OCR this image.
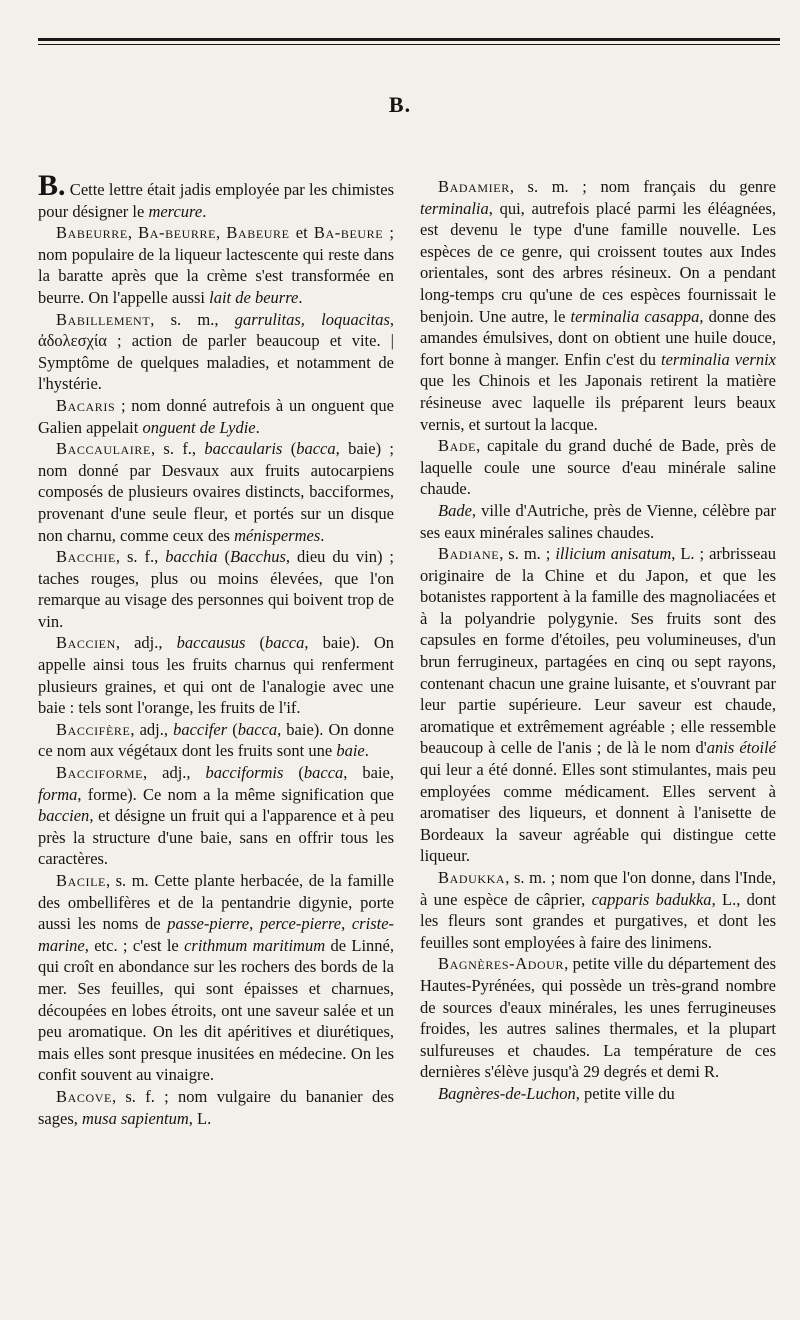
B.

B. Cette lettre était jadis employée par les chimistes pour désigner le mercure.

Babeurre, Ba-beurre, Babeure et Ba-beure ; nom populaire de la liqueur lactescente qui reste dans la baratte après que la crème s'est transformée en beurre. On l'appelle aussi lait de beurre.

Babillement, s. m., garrulitas, loquacitas, ἀδολεσχία ; action de parler beaucoup et vite. | Symptôme de quelques maladies, et notamment de l'hystérie.

Bacaris ; nom donné autrefois à un onguent que Galien appelait onguent de Lydie.

Baccaulaire, s. f., baccaularis (bacca, baie) ; nom donné par Desvaux aux fruits autocarpiens composés de plusieurs ovaires distincts, bacciformes, provenant d'une seule fleur, et portés sur un disque non charnu, comme ceux des ménispermes.

Bacchie, s. f., bacchia (Bacchus, dieu du vin) ; taches rouges, plus ou moins élevées, que l'on remarque au visage des personnes qui boivent trop de vin.

Baccien, adj., baccausus (bacca, baie). On appelle ainsi tous les fruits charnus qui renferment plusieurs graines, et qui ont de l'analogie avec une baie : tels sont l'orange, les fruits de l'if.

Baccifère, adj., baccifer (bacca, baie). On donne ce nom aux végétaux dont les fruits sont une baie.

Bacciforme, adj., bacciformis (bacca, baie, forma, forme). Ce nom a la même signification que baccien, et désigne un fruit qui a l'apparence et à peu près la structure d'une baie, sans en offrir tous les caractères.

Bacile, s. m. Cette plante herbacée, de la famille des ombellifères et de la pentandrie digynie, porte aussi les noms de passe-pierre, perce-pierre, criste-marine, etc. ; c'est le crithmum maritimum de Linné, qui croît en abondance sur les rochers des bords de la mer. Ses feuilles, qui sont épaisses et charnues, découpées en lobes étroits, ont une saveur salée et un peu aromatique. On les dit apéritives et diurétiques, mais elles sont presque inusitées en médecine. On les confit souvent au vinaigre.

Bacove, s. f. ; nom vulgaire du bananier des sages, musa sapientum, L.

Badamier, s. m. ; nom français du genre terminalia, qui, autrefois placé parmi les éléagnées, est devenu le type d'une famille nouvelle. Les espèces de ce genre, qui croissent toutes aux Indes orientales, sont des arbres résineux. On a pendant long-temps cru qu'une de ces espèces fournissait le benjoin. Une autre, le terminalia casappa, donne des amandes émulsives, dont on obtient une huile douce, fort bonne à manger. Enfin c'est du terminalia vernix que les Chinois et les Japonais retirent la matière résineuse avec laquelle ils préparent leurs beaux vernis, et surtout la lacque.

Bade, capitale du grand duché de Bade, près de laquelle coule une source d'eau minérale saline chaude.

Bade, ville d'Autriche, près de Vienne, célèbre par ses eaux minérales salines chaudes.

Badiane, s. m. ; illicium anisatum, L. ; arbrisseau originaire de la Chine et du Japon, et que les botanistes rapportent à la famille des magnoliacées et à la polyandrie polygynie. Ses fruits sont des capsules en forme d'étoiles, peu volumineuses, d'un brun ferrugineux, partagées en cinq ou sept rayons, contenant chacun une graine luisante, et s'ouvrant par leur partie supérieure. Leur saveur est chaude, aromatique et extrêmement agréable ; elle ressemble beaucoup à celle de l'anis ; de là le nom d'anis étoilé qui leur a été donné. Elles sont stimulantes, mais peu employées comme médicament. Elles servent à aromatiser des liqueurs, et donnent à l'anisette de Bordeaux la saveur agréable qui distingue cette liqueur.

Badukka, s. m. ; nom que l'on donne, dans l'Inde, à une espèce de câprier, capparis badukka, L., dont les fleurs sont grandes et purgatives, et dont les feuilles sont employées à faire des linimens.

Bagnères-Adour, petite ville du département des Hautes-Pyrénées, qui possède un très-grand nombre de sources d'eaux minérales, les unes ferrugineuses froides, les autres salines thermales, et la plupart sulfureuses et chaudes. La température de ces dernières s'élève jusqu'à 29 degrés et demi R.

Bagnères-de-Luchon, petite ville du
